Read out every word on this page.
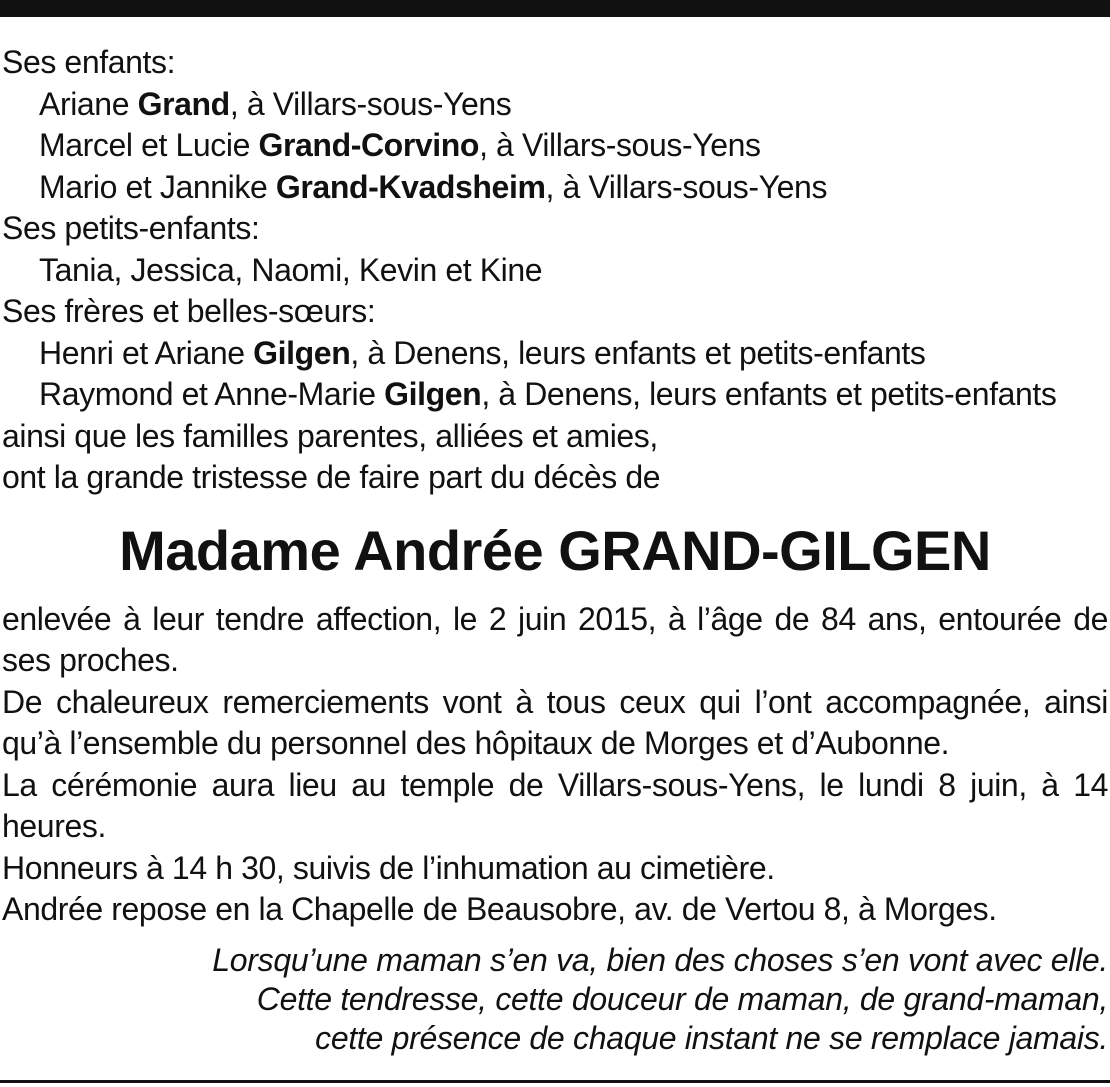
Ses enfants:
Ariane Grand, à Villars-sous-Yens
Marcel et Lucie Grand-Corvino, à Villars-sous-Yens
Mario et Jannike Grand-Kvadsheim, à Villars-sous-Yens
Ses petits-enfants:
Tania, Jessica, Naomi, Kevin et Kine
Ses frères et belles-sœurs:
Henri et Ariane Gilgen, à Denens, leurs enfants et petits-enfants
Raymond et Anne-Marie Gilgen, à Denens, leurs enfants et petits-enfants
ainsi que les familles parentes, alliées et amies,
ont la grande tristesse de faire part du décès de
Madame Andrée GRAND-GILGEN
enlevée à leur tendre affection, le 2 juin 2015, à l’âge de 84 ans, entourée de ses proches.
De chaleureux remerciements vont à tous ceux qui l’ont accompagnée, ainsi qu’à l’ensemble du personnel des hôpitaux de Morges et d’Aubonne.
La cérémonie aura lieu au temple de Villars-sous-Yens, le lundi 8 juin, à 14 heures.
Honneurs à 14 h 30, suivis de l’inhumation au cimetière.
Andrée repose en la Chapelle de Beausobre, av. de Vertou 8, à Morges.
Lorsqu’une maman s’en va, bien des choses s’en vont avec elle.
Cette tendresse, cette douceur de maman, de grand-maman,
cette présence de chaque instant ne se remplace jamais.
